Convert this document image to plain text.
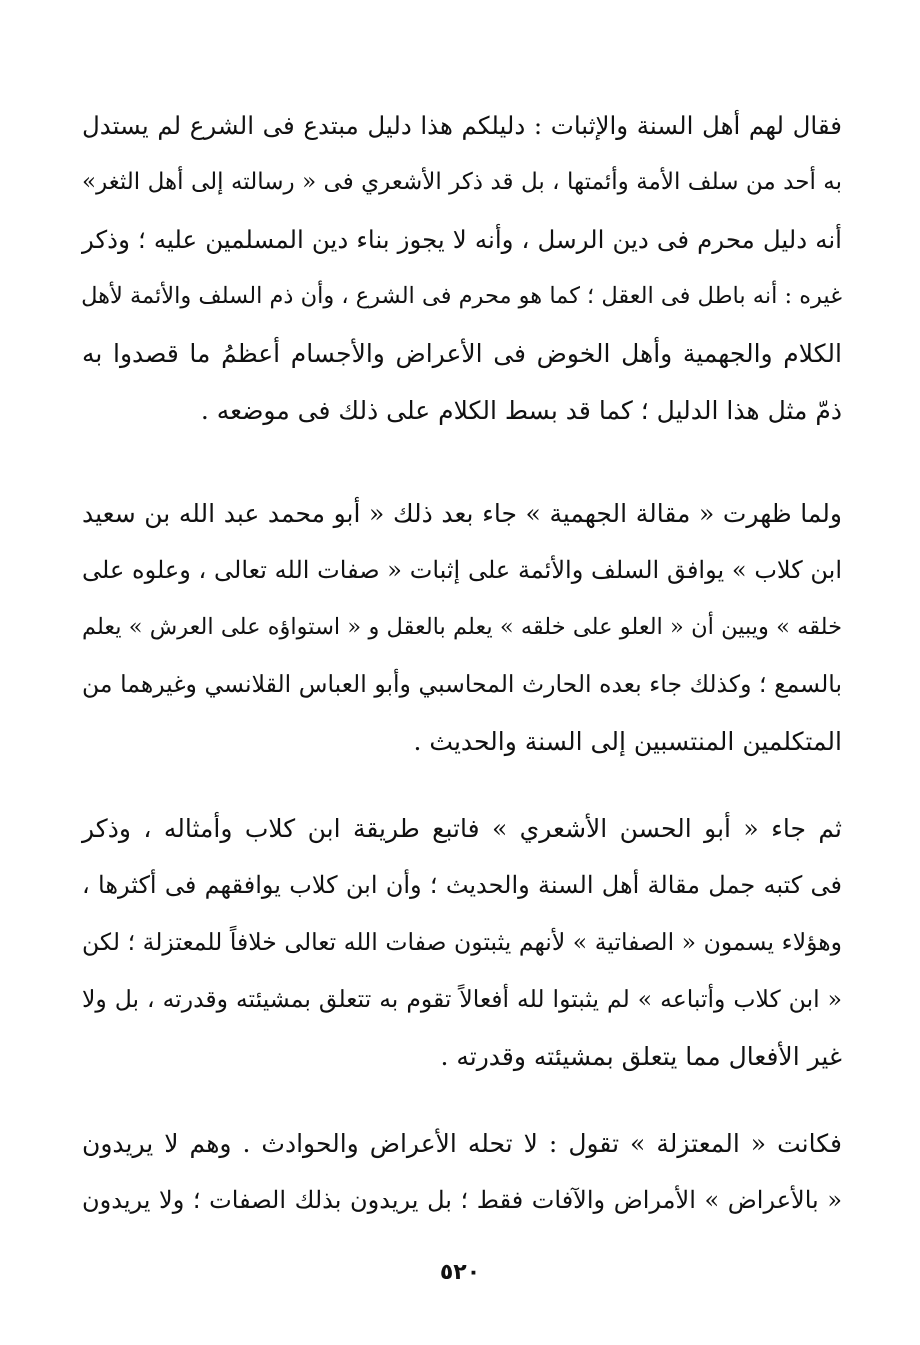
فقال لهم أهل السنة والإثبات : دليلكم هذا دليل مبتدع فى الشرع لم يستدل
به أحد من سلف الأمة وأئمتها ، بل قد ذكر الأشعري فى « رسالته إلى أهل الثغر»
أنه دليل محرم فى دين الرسل ، وأنه لا يجوز بناء دين المسلمين عليه ؛ وذكر
غيره : أنه باطل فى العقل ؛ كما هو محرم فى الشرع ، وأن ذم السلف والأئمة لأهل
الكلام والجهمية وأهل الخوض فى الأعراض والأجسام أعظمُ ما قصدوا به
ذمّ مثل هذا الدليل ؛ كما قد بسط الكلام على ذلك فى موضعه .
ولما ظهرت « مقالة الجهمية » جاء بعد ذلك « أبو محمد عبد الله بن سعيد
ابن كلاب » يوافق السلف والأئمة على إثبات « صفات الله تعالى ، وعلوه على
خلقه » ويبين أن « العلو على خلقه » يعلم بالعقل و « استواؤه على العرش » يعلم
بالسمع ؛ وكذلك جاء بعده الحارث المحاسبي وأبو العباس القلانسي وغيرهما من
المتكلمين المنتسبين إلى السنة والحديث .
ثم جاء « أبو الحسن الأشعري » فاتبع طريقة ابن كلاب وأمثاله ، وذكر
فى كتبه جمل مقالة أهل السنة والحديث ؛ وأن ابن كلاب يوافقهم فى أكثرها ،
وهؤلاء يسمون « الصفاتية » لأنهم يثبتون صفات الله تعالى خلافاً للمعتزلة ؛ لكن
« ابن كلاب وأتباعه » لم يثبتوا لله أفعالاً تقوم به تتعلق بمشيئته وقدرته ، بل ولا
غير الأفعال مما يتعلق بمشيئته وقدرته .
فكانت « المعتزلة » تقول : لا تحله الأعراض والحوادث . وهم لا يريدون
« بالأعراض » الأمراض والآفات فقط ؛ بل يريدون بذلك الصفات ؛ ولا يريدون
٥٢٠
